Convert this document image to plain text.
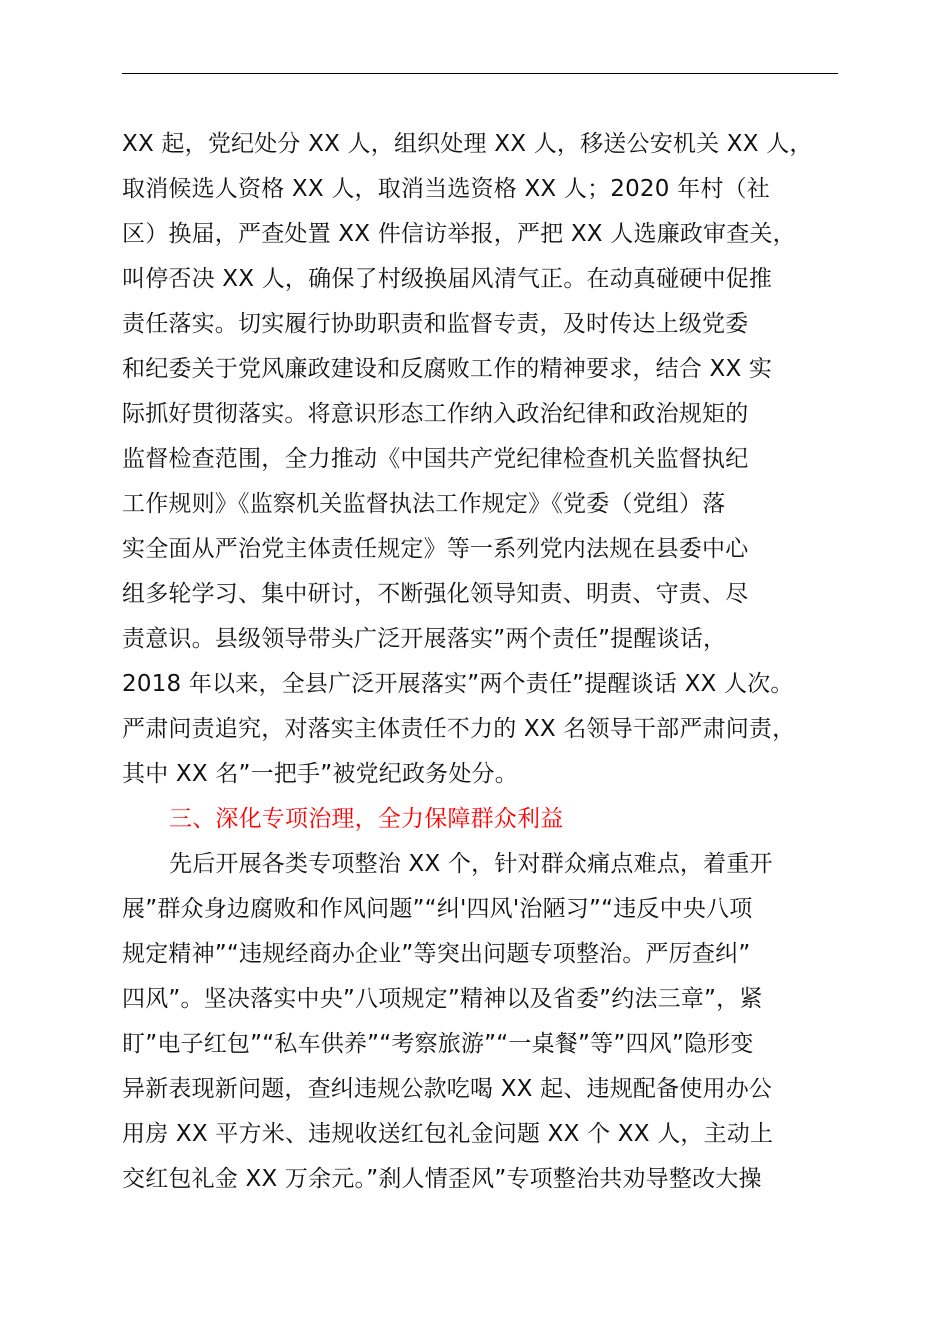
XX 起，党纪处分 XX 人，组织处理 XX 人，移送公安机关 XX 人，
取消候选人资格 XX 人，取消当选资格 XX 人；2020 年村（社
区）换届，严查处置 XX 件信访举报，严把 XX 人选廉政审查关，
叫停否决 XX 人，确保了村级换届风清气正。在动真碰硬中促推
责任落实。切实履行协助职责和监督专责，及时传达上级党委
和纪委关于党风廉政建设和反腐败工作的精神要求，结合 XX 实
际抓好贯彻落实。将意识形态工作纳入政治纪律和政治规矩的
监督检查范围，全力推动《中国共产党纪律检查机关监督执纪
工作规则》《监察机关监督执法工作规定》《党委（党组）落
实全面从严治党主体责任规定》等一系列党内法规在县委中心
组多轮学习、集中研讨，不断强化领导知责、明责、守责、尽
责意识。县级领导带头广泛开展落实”两个责任”提醒谈话，
2018 年以来，全县广泛开展落实”两个责任”提醒谈话 XX 人次。
严肃问责追究，对落实主体责任不力的 XX 名领导干部严肃问责，
其中 XX 名”一把手”被党纪政务处分。
三、深化专项治理，全力保障群众利益
先后开展各类专项整治 XX 个，针对群众痛点难点，着重开
展”群众身边腐败和作风问题”“纠'四风'治陋习”“违反中央八项
规定精神”“违规经商办企业”等突出问题专项整治。严厉查纠”
四风”。坚决落实中央”八项规定”精神以及省委”约法三章”，紧
盯”电子红包”“私车供养”“考察旅游”“一桌餐”等”四风”隐形变
异新表现新问题，查纠违规公款吃喝 XX 起、违规配备使用办公
用房 XX 平方米、违规收送红包礼金问题 XX 个 XX 人，主动上
交红包礼金 XX 万余元。”刹人情歪风”专项整治共劝导整改大操
